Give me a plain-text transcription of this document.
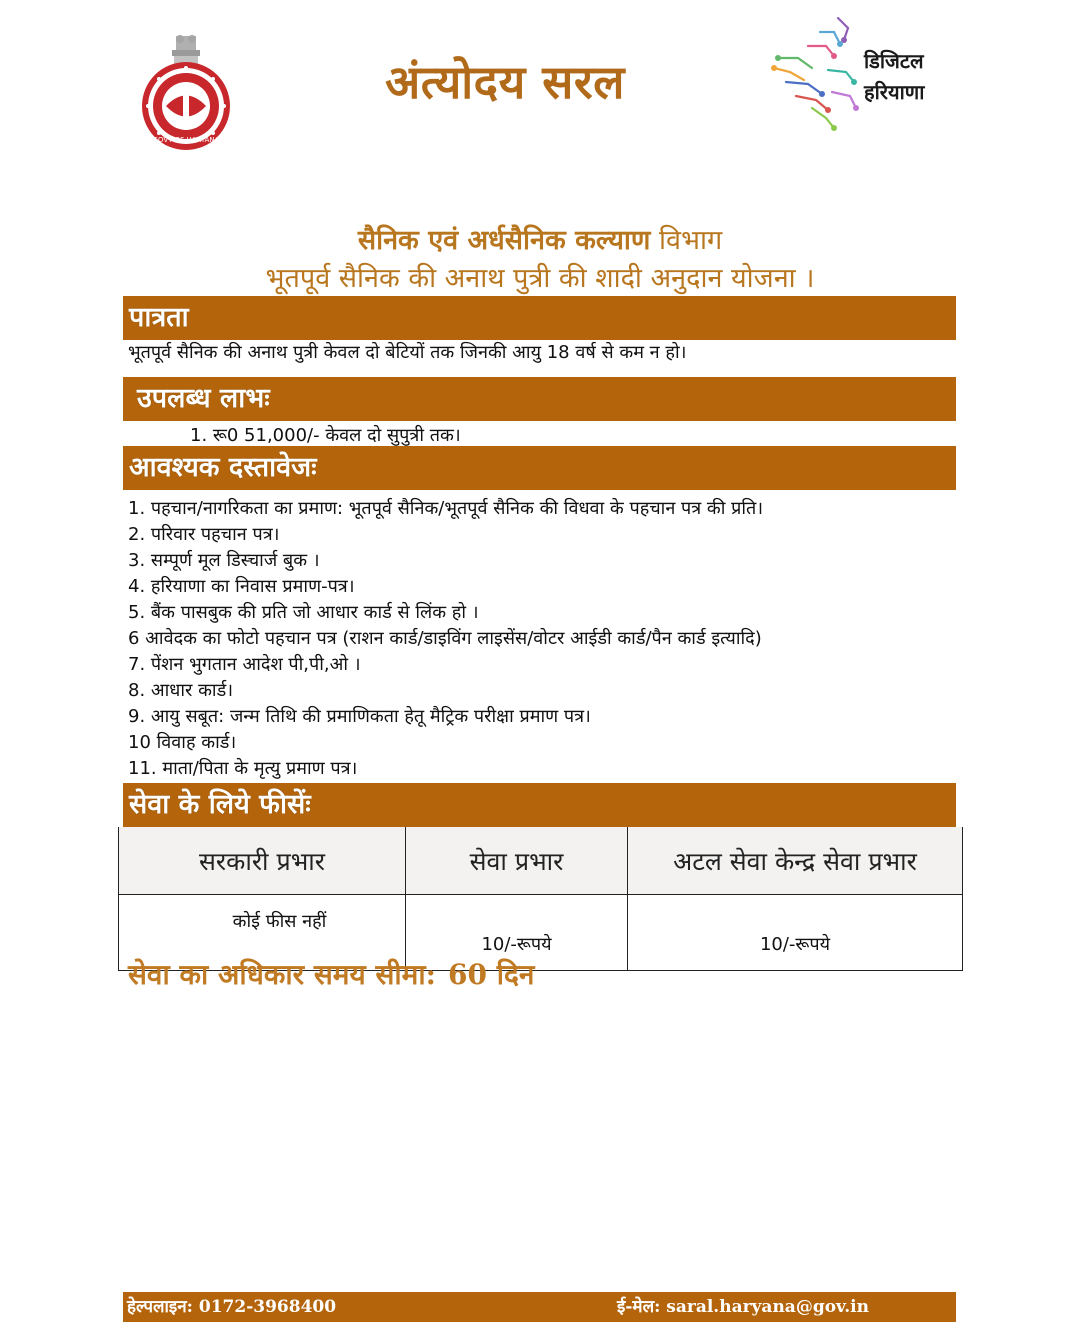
GOVT OF HARYANA
अंत्योदय सरल	डिजिटल
हरियाणा
सैनिक एवं अर्धसैनिक कल्याण विभाग
भूतपूर्व सैनिक की अनाथ पुत्री की शादी अनुदान योजना ।
पात्रता
भूतपूर्व सैनिक की अनाथ पुत्री केवल दो बेटियों तक जिनकी आयु 18 वर्ष से कम न हो।
उपलब्ध लाभः
1. रू0 51,000/- केवल दो सुपुत्री तक।
आवश्यक दस्तावेजः
1. पहचान/नागरिकता का प्रमाण: भूतपूर्व सैनिक/भूतपूर्व सैनिक की विधवा के पहचान पत्र की प्रति।
2. परिवार पहचान पत्र।
3. सम्पूर्ण मूल डिस्चार्ज बुक ।
4. हरियाणा का निवास प्रमाण-पत्र।
5. बैंक पासबुक की प्रति जो आधार कार्ड से लिंक हो ।
6 आवेदक का फोटो पहचान पत्र (राशन कार्ड/डाइविंग लाइसेंस/वोटर आईडी कार्ड/पैन कार्ड इत्यादि)
7. पेंशन भुगतान आदेश पी,पी,ओ ।
8. आधार कार्ड।
9. आयु सबूत: जन्म तिथि की प्रमाणिकता हेतू मैट्रिक परीक्षा प्रमाण पत्र।
10 विवाह कार्ड।
11. माता/पिता के मृत्यु प्रमाण पत्र।
सेवा के लिये फीसेंः
सरकारी प्रभार	सेवा प्रभार	अटल सेवा केन्द्र सेवा प्रभार
कोई फीस नहीं	10/-रूपये	10/-रूपये
सेवा का अधिकार समय सीमा: 60 दिन
हेल्पलाइन: 0172-3968400	ई-मेल: saral.haryana@gov.in
